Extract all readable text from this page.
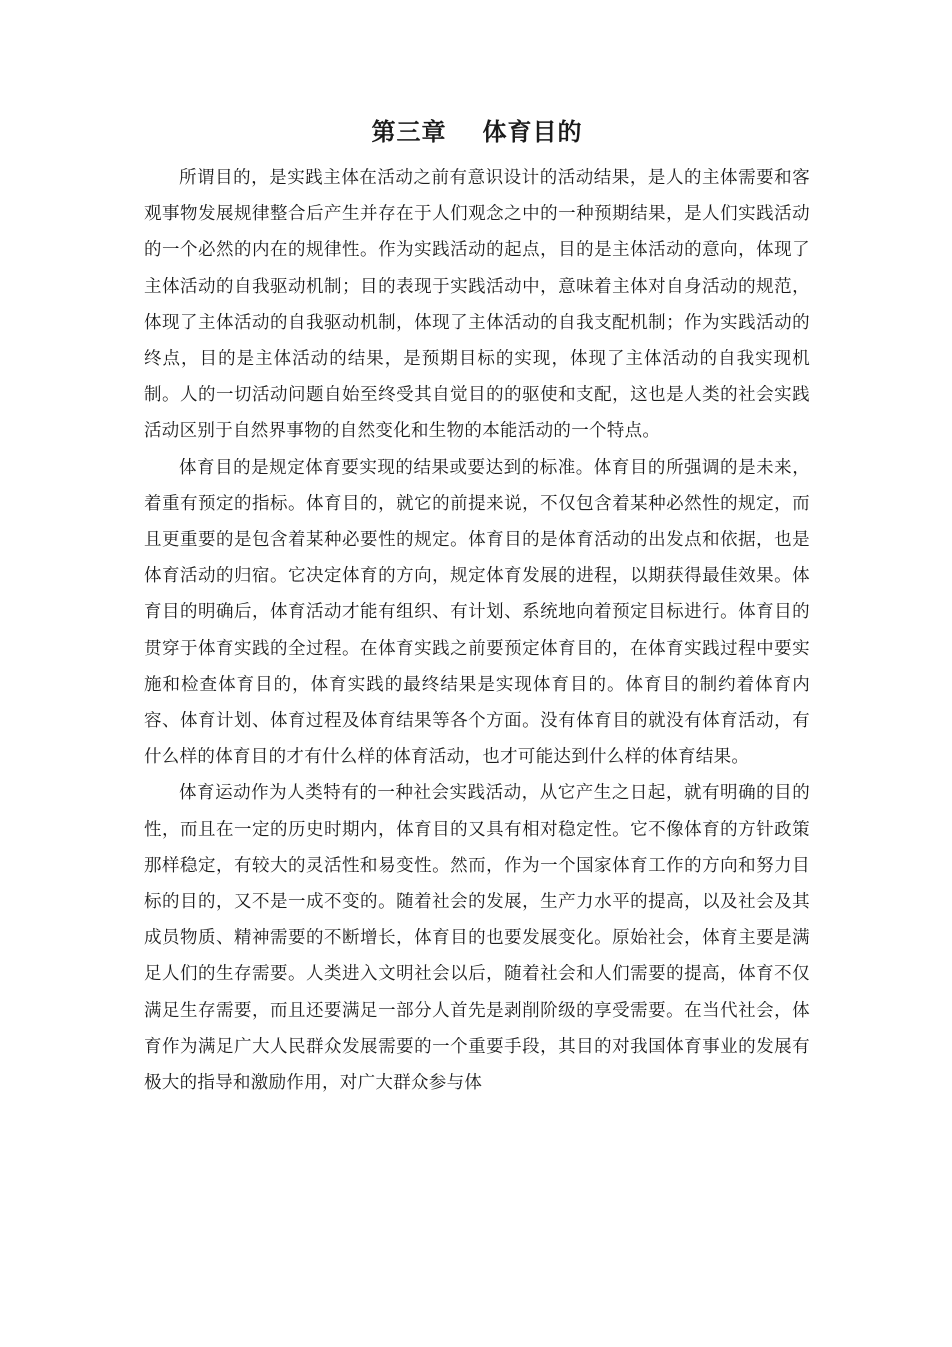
第三章 体育目的

所谓目的，是实践主体在活动之前有意识设计的活动结果，是人的主体需要和客观事物发展规律整合后产生并存在于人们观念之中的一种预期结果，是人们实践活动的一个必然的内在的规律性。作为实践活动的起点，目的是主体活动的意向，体现了主体活动的自我驱动机制；目的表现于实践活动中，意味着主体对自身活动的规范，体现了主体活动的自我驱动机制，体现了主体活动的自我支配机制；作为实践活动的终点，目的是主体活动的结果，是预期目标的实现，体现了主体活动的自我实现机制。人的一切活动问题自始至终受其自觉目的的驱使和支配，这也是人类的社会实践活动区别于自然界事物的自然变化和生物的本能活动的一个特点。

体育目的是规定体育要实现的结果或要达到的标准。体育目的所强调的是未来，着重有预定的指标。体育目的，就它的前提来说，不仅包含着某种必然性的规定，而且更重要的是包含着某种必要性的规定。体育目的是体育活动的出发点和依据，也是体育活动的归宿。它决定体育的方向，规定体育发展的进程，以期获得最佳效果。体育目的明确后，体育活动才能有组织、有计划、系统地向着预定目标进行。体育目的贯穿于体育实践的全过程。在体育实践之前要预定体育目的，在体育实践过程中要实施和检查体育目的，体育实践的最终结果是实现体育目的。体育目的制约着体育内容、体育计划、体育过程及体育结果等各个方面。没有体育目的就没有体育活动，有什么样的体育目的才有什么样的体育活动，也才可能达到什么样的体育结果。

体育运动作为人类特有的一种社会实践活动，从它产生之日起，就有明确的目的性，而且在一定的历史时期内，体育目的又具有相对稳定性。它不像体育的方针政策那样稳定，有较大的灵活性和易变性。然而，作为一个国家体育工作的方向和努力目标的目的，又不是一成不变的。随着社会的发展，生产力水平的提高，以及社会及其成员物质、精神需要的不断增长，体育目的也要发展变化。原始社会，体育主要是满足人们的生存需要。人类进入文明社会以后，随着社会和人们需要的提高，体育不仅满足生存需要，而且还要满足一部分人首先是剥削阶级的享受需要。在当代社会，体育作为满足广大人民群众发展需要的一个重要手段，其目的对我国体育事业的发展有极大的指导和激励作用，对广大群众参与体
